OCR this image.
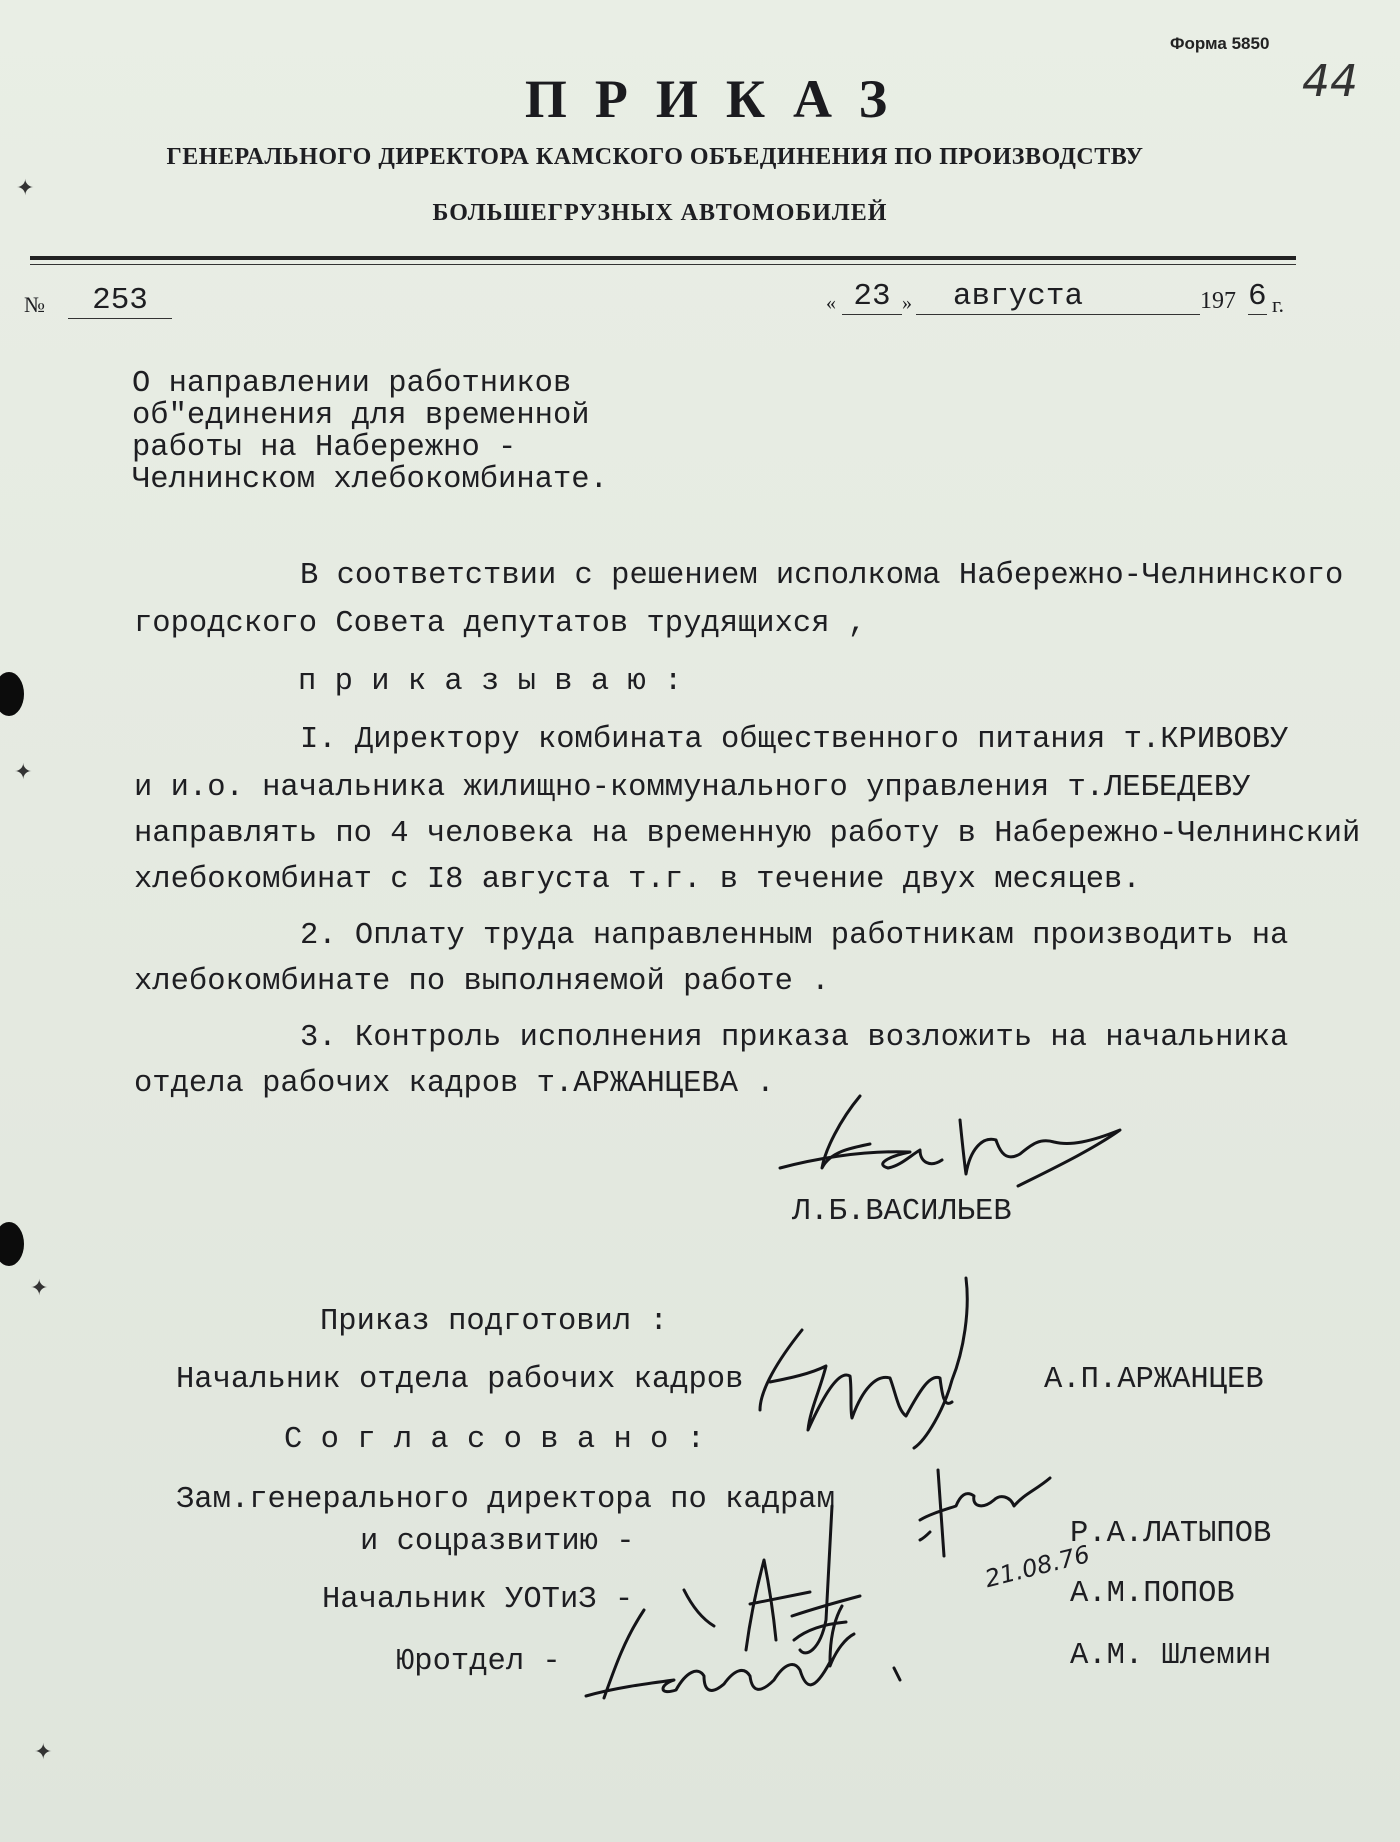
Форма 5850
44
ПРИКАЗ
ГЕНЕРАЛЬНОГО ДИРЕКТОРА КАМСКОГО ОБЪЕДИНЕНИЯ ПО ПРОИЗВОДСТВУ
БОЛЬШЕГРУЗНЫХ АВТОМОБИЛЕЙ
№	253	« 23 »	августа	197 6 г.
О направлении работников
об"единения для временной
работы на Набережно -
Челнинском хлебокомбинате.
В соответствии с решением исполкома Набережно-Челнинского
городского Совета депутатов трудящихся ,
п р и к а з ы в а ю :
I. Директору комбината общественного питания т.КРИВОВУ
и и.о. начальника жилищно-коммунального управления т.ЛЕБЕДЕВУ
направлять по 4 человека на временную работу в Набережно-Челнинский
хлебокомбинат с I8 августа т.г. в течение двух месяцев.
2. Оплату труда направленным работникам производить на
хлебокомбинате по выполняемой работе .
3. Контроль исполнения приказа возложить на начальника
отдела рабочих кадров т.АРЖАНЦЕВА .
Л.Б.ВАСИЛЬЕВ
Приказ подготовил :
Начальник отдела рабочих кадров	А.П.АРЖАНЦЕВ
С о г л а с о в а н о :
Зам.генерального директора по кадрам
и соцразвитию -	Р.А.ЛАТЫПОВ
21.08.76
Начальник УОТиЗ -	А.М.ПОПОВ
Юротдел -	А.М. Шлемин
✦
✦
✦
✦
